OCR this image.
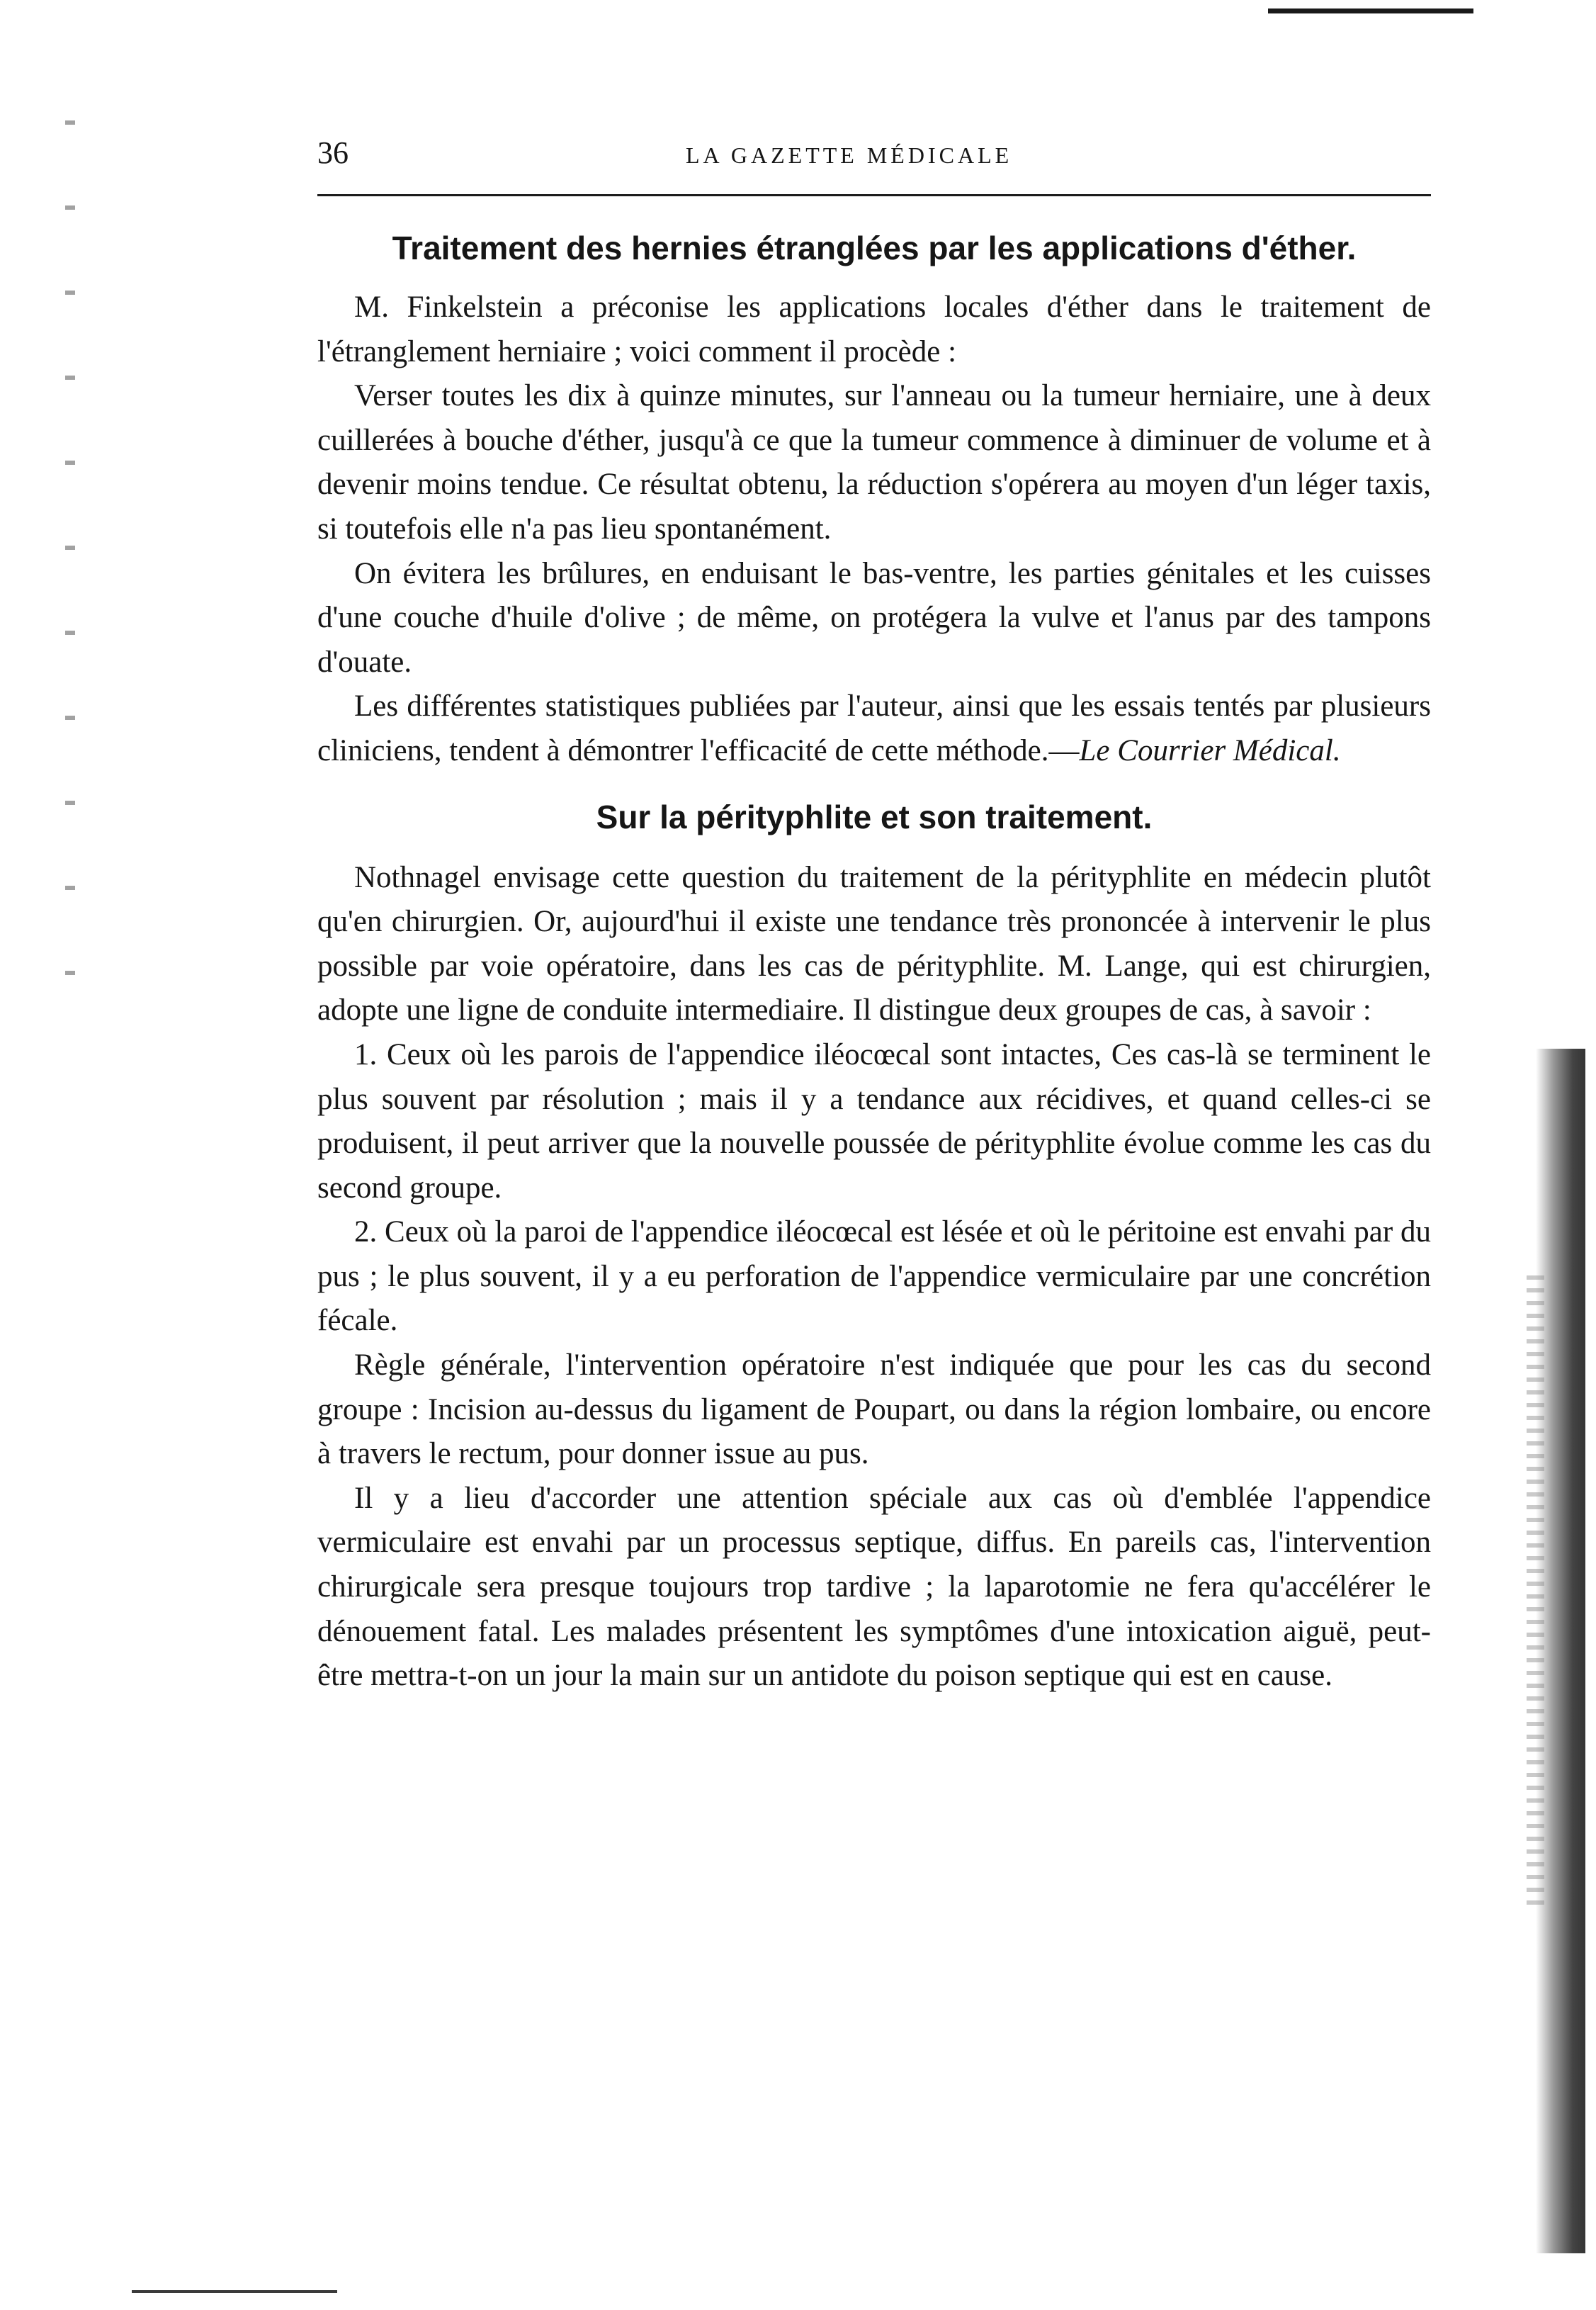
36	LA GAZETTE MÉDICALE
Traitement des hernies étranglées par les applications d'éther.

M. Finkelstein a préconise les applications locales d'éther dans le traitement de l'étranglement herniaire ; voici comment il procède :

Verser toutes les dix à quinze minutes, sur l'anneau ou la tumeur herniaire, une à deux cuillerées à bouche d'éther, jusqu'à ce que la tumeur commence à diminuer de volume et à devenir moins tendue. Ce résultat obtenu, la réduction s'opérera au moyen d'un léger taxis, si toutefois elle n'a pas lieu spontanément.

On évitera les brûlures, en enduisant le bas-ventre, les parties génitales et les cuisses d'une couche d'huile d'olive ; de même, on protégera la vulve et l'anus par des tampons d'ouate.

Les différentes statistiques publiées par l'auteur, ainsi que les essais tentés par plusieurs cliniciens, tendent à démontrer l'efficacité de cette méthode.—Le Courrier Médical.

Sur la pérityphlite et son traitement.

Nothnagel envisage cette question du traitement de la pérityphlite en médecin plutôt qu'en chirurgien. Or, aujourd'hui il existe une tendance très prononcée à intervenir le plus possible par voie opératoire, dans les cas de pérityphlite. M. Lange, qui est chirurgien, adopte une ligne de conduite intermediaire. Il distingue deux groupes de cas, à savoir :

1. Ceux où les parois de l'appendice iléocœcal sont intactes, Ces cas-là se terminent le plus souvent par résolution ; mais il y a tendance aux récidives, et quand celles-ci se produisent, il peut arriver que la nouvelle poussée de pérityphlite évolue comme les cas du second groupe.

2. Ceux où la paroi de l'appendice iléocœcal est lésée et où le péritoine est envahi par du pus ; le plus souvent, il y a eu perforation de l'appendice vermiculaire par une concrétion fécale.

Règle générale, l'intervention opératoire n'est indiquée que pour les cas du second groupe : Incision au-dessus du ligament de Poupart, ou dans la région lombaire, ou encore à travers le rectum, pour donner issue au pus.

Il y a lieu d'accorder une attention spéciale aux cas où d'emblée l'appendice vermiculaire est envahi par un processus septique, diffus. En pareils cas, l'intervention chirurgicale sera presque toujours trop tardive ; la laparotomie ne fera qu'accélérer le dénouement fatal. Les malades présentent les symptômes d'une intoxication aiguë, peut-être mettra-t-on un jour la main sur un antidote du poison septique qui est en cause.
